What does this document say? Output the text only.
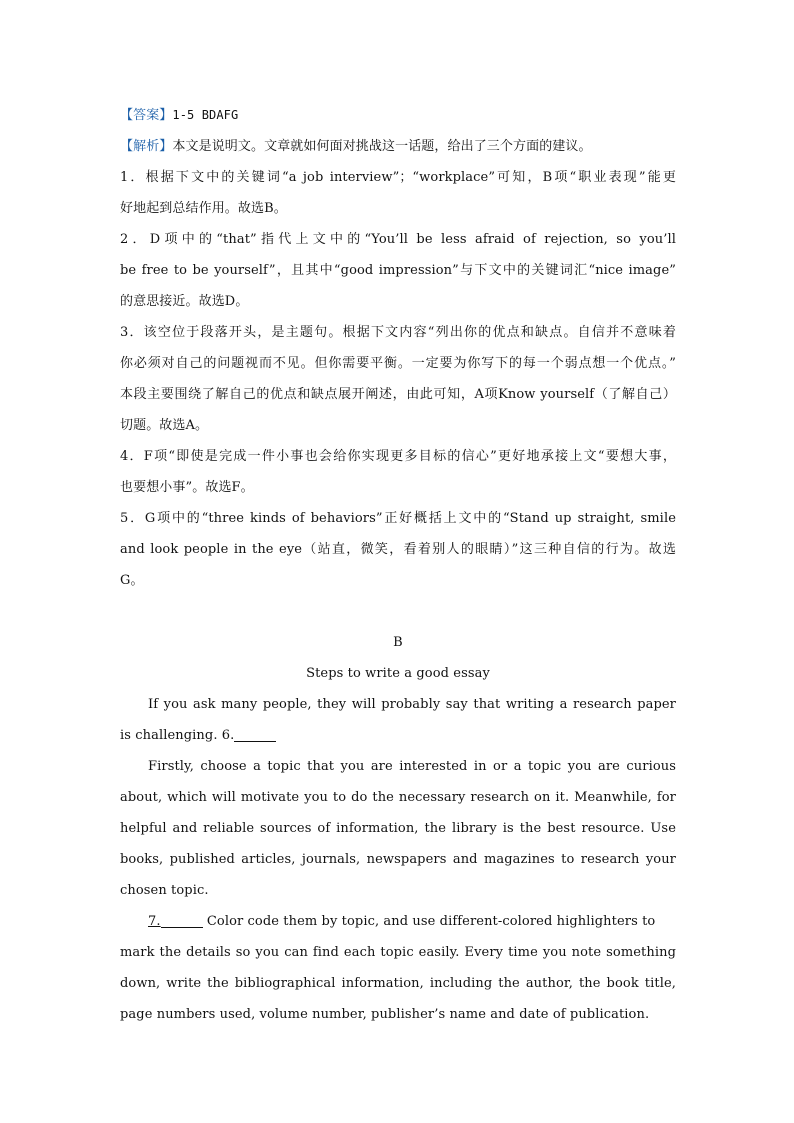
【答案】1-5 BDAFG
【解析】本文是说明文。文章就如何面对挑战这一话题，给出了三个方面的建议。
1．根据下文中的关键词“a job interview”；“workplace”可知，B项“职业表现”能更
好地起到总结作用。故选B。
2．D项中的“that”指代上文中的“You’ll be less afraid of rejection, so you’ll
be free to be yourself”，且其中“good impression”与下文中的关键词汇“nice image”
的意思接近。故选D。
3．该空位于段落开头，是主题句。根据下文内容“列出你的优点和缺点。自信并不意味着
你必须对自己的问题视而不见。但你需要平衡。一定要为你写下的每一个弱点想一个优点。”
本段主要围绕了解自己的优点和缺点展开阐述，由此可知，A项Know yourself（了解自己）
切题。故选A。
4．F项“即使是完成一件小事也会给你实现更多目标的信心”更好地承接上文“要想大事，
也要想小事”。故选F。
5．G项中的“three kinds of behaviors”正好概括上文中的“Stand up straight, smile
and look people in the eye（站直，微笑，看着别人的眼睛）”这三种自信的行为。故选
G。
B
Steps to write a good essay
If you ask many people, they will probably say that writing a research paper
is challenging. 6.
Firstly, choose a topic that you are interested in or a topic you are curious
about, which will motivate you to do the necessary research on it. Meanwhile, for
helpful and reliable sources of information, the library is the best resource. Use
books, published articles, journals, newspapers and magazines to research your
chosen topic.
7.	Color code them by topic, and use different-colored highlighters to
mark the details so you can find each topic easily. Every time you note something
down, write the bibliographical information, including the author, the book title,
page numbers used, volume number, publisher’s name and date of publication.
